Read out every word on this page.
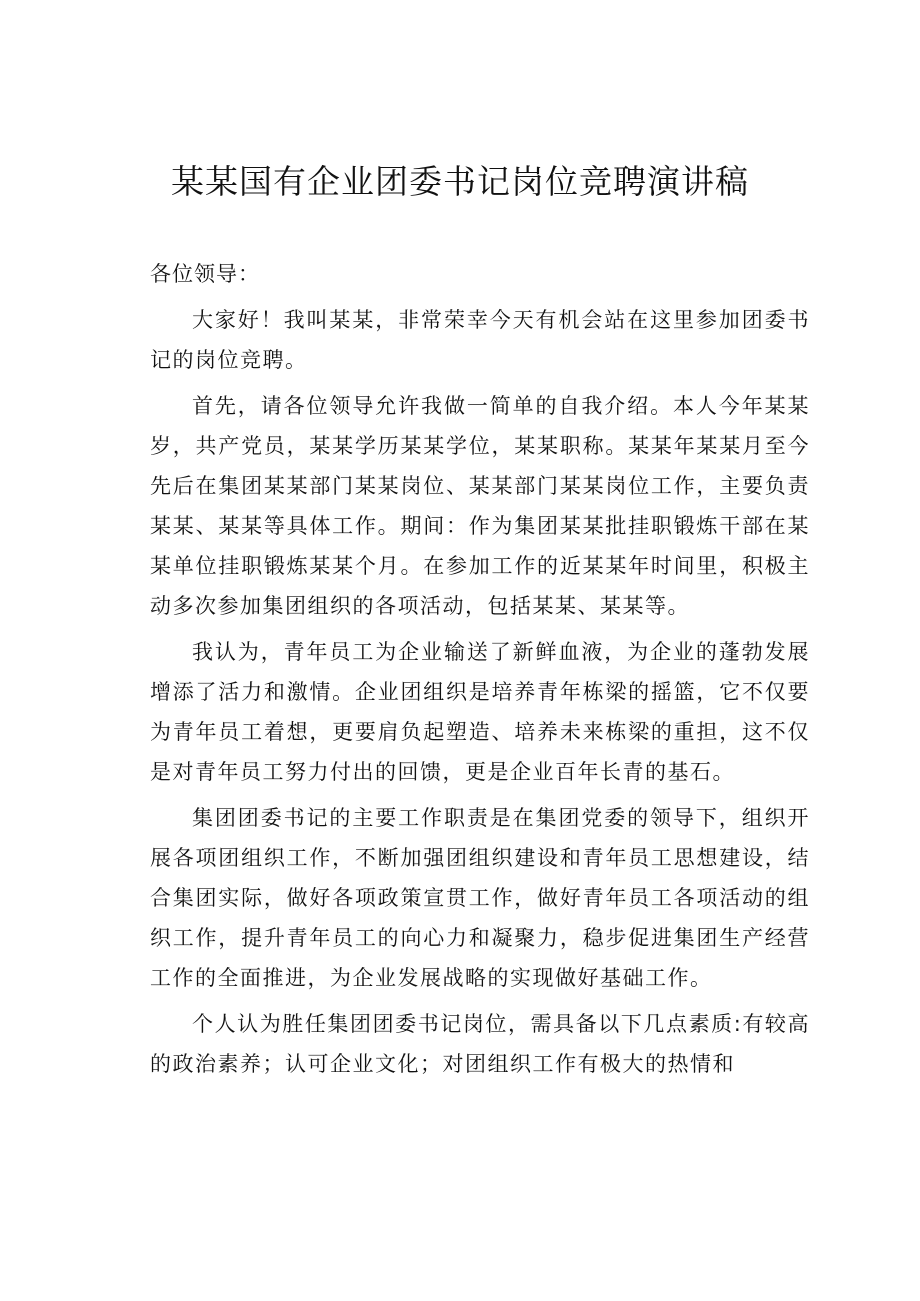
某某国有企业团委书记岗位竞聘演讲稿

各位领导：

大家好！我叫某某，非常荣幸今天有机会站在这里参加团委书记的岗位竞聘。

首先，请各位领导允许我做一简单的自我介绍。本人今年某某岁，共产党员，某某学历某某学位，某某职称。某某年某某月至今先后在集团某某部门某某岗位、某某部门某某岗位工作，主要负责某某、某某等具体工作。期间：作为集团某某批挂职锻炼干部在某某单位挂职锻炼某某个月。在参加工作的近某某年时间里，积极主动多次参加集团组织的各项活动，包括某某、某某等。

我认为，青年员工为企业输送了新鲜血液，为企业的蓬勃发展增添了活力和激情。企业团组织是培养青年栋梁的摇篮，它不仅要为青年员工着想，更要肩负起塑造、培养未来栋梁的重担，这不仅是对青年员工努力付出的回馈，更是企业百年长青的基石。

集团团委书记的主要工作职责是在集团党委的领导下，组织开展各项团组织工作，不断加强团组织建设和青年员工思想建设，结合集团实际，做好各项政策宣贯工作，做好青年员工各项活动的组织工作，提升青年员工的向心力和凝聚力，稳步促进集团生产经营工作的全面推进，为企业发展战略的实现做好基础工作。

个人认为胜任集团团委书记岗位，需具备以下几点素质:有较高的政治素养；认可企业文化；对团组织工作有极大的热情和
